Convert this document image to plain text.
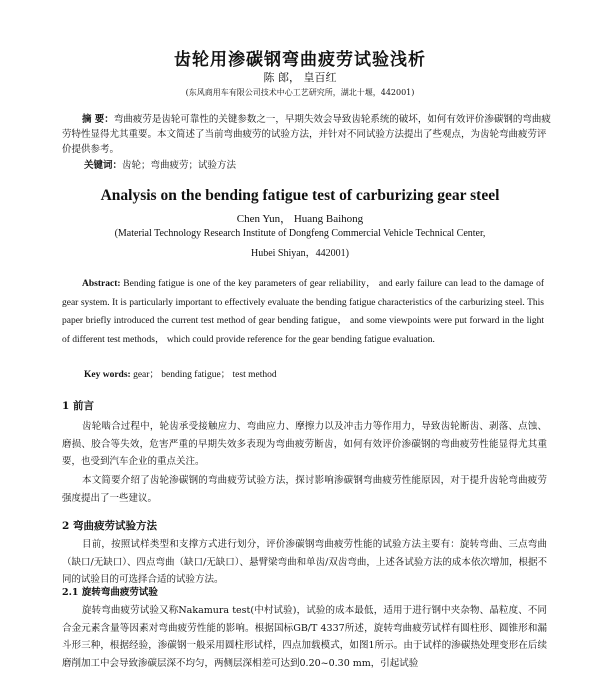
齿轮用渗碳钢弯曲疲劳试验浅析
陈 郎， 皇百红
(东风商用车有限公司技术中心工艺研究所，湖北十堰，442001)
摘 要：弯曲疲劳是齿轮可靠性的关键参数之一，早期失效会导致齿轮系统的破坏，如何有效评价渗碳钢的弯曲疲劳特性显得尤其重要。本文简述了当前弯曲疲劳的试验方法，并针对不同试验方法提出了些观点，为齿轮弯曲疲劳评价提供参考。
关键词：齿轮；弯曲疲劳；试验方法
Analysis on the bending fatigue test of carburizing gear steel
Chen Yun， Huang Baihong
(Material Technology Research Institute of Dongfeng Commercial Vehicle Technical Center,
Hubei Shiyan，442001)
Abstract: Bending fatigue is one of the key parameters of gear reliability， and early failure can lead to the damage of gear system. It is particularly important to effectively evaluate the bending fatigue characteristics of the carburizing steel. This paper briefly introduced the current test method of gear bending fatigue， and some viewpoints were put forward in the light of different test methods， which could provide reference for the gear bending fatigue evaluation.
Key words: gear； bending fatigue； test method
1 前言
齿轮啮合过程中，轮齿承受接触应力、弯曲应力、摩擦力以及冲击力等作用力，导致齿轮断齿、剥落、点蚀、磨损、胶合等失效，危害严重的早期失效多表现为弯曲疲劳断齿，如何有效评价渗碳钢的弯曲疲劳性能显得尤其重要，也受到汽车企业的重点关注。
本文简要介绍了齿轮渗碳钢的弯曲疲劳试验方法，探讨影响渗碳钢弯曲疲劳性能原因，对于提升齿轮弯曲疲劳强度提出了一些建议。
2 弯曲疲劳试验方法
目前，按照试样类型和支撑方式进行划分，评价渗碳钢弯曲疲劳性能的试验方法主要有：旋转弯曲、三点弯曲（缺口/无缺口）、四点弯曲（缺口/无缺口）、悬臂梁弯曲和单齿/双齿弯曲，上述各试验方法的成本依次增加，根据不同的试验目的可选择合适的试验方法。
2.1 旋转弯曲疲劳试验
旋转弯曲疲劳试验又称Nakamura test(中村试验)，试验的成本最低，适用于进行钢中夹杂物、晶粒度、不同合金元素含量等因素对弯曲疲劳性能的影响。根据国标GB/T 4337所述，旋转弯曲疲劳试样有圆柱形、圆锥形和漏斗形三种，根据经验，渗碳钢一般采用圆柱形试样，四点加载模式，如图1所示。由于试样的渗碳热处理变形在后续磨削加工中会导致渗碳层深不均匀，两侧层深相差可达到0.20~0.30 mm，引起试验
